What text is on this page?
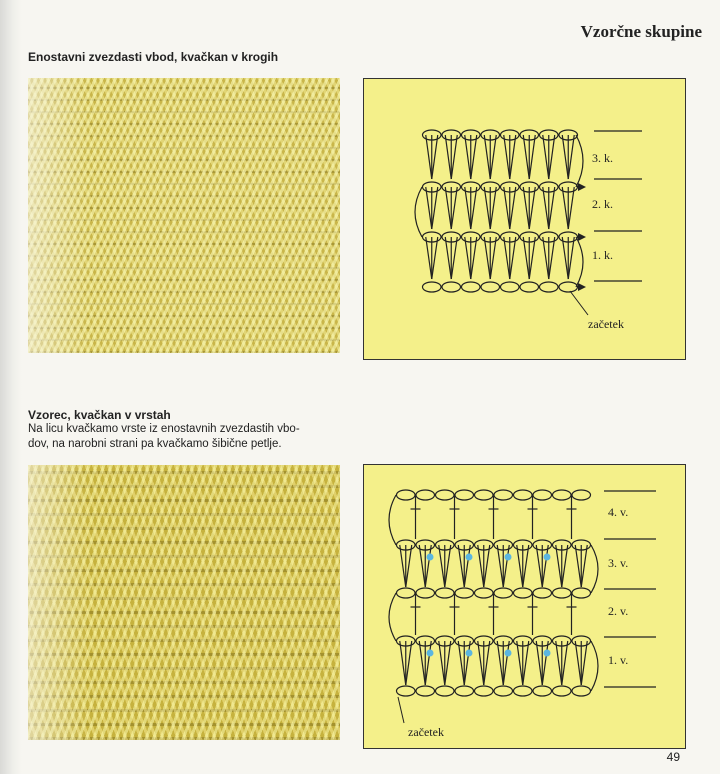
Vzorčne skupine
Enostavni zvezdasti vbod, kvačkan v krogih
3. k.
2. k.
1. k.
začetek
Vzorec, kvačkan v vrstah
Na licu kvačkamo vrste iz enostavnih zvezdastih vbo-
dov, na narobni strani pa kvačkamo šibične petlje.
4. v.
3. v.
2. v.
1. v.
začetek
49
